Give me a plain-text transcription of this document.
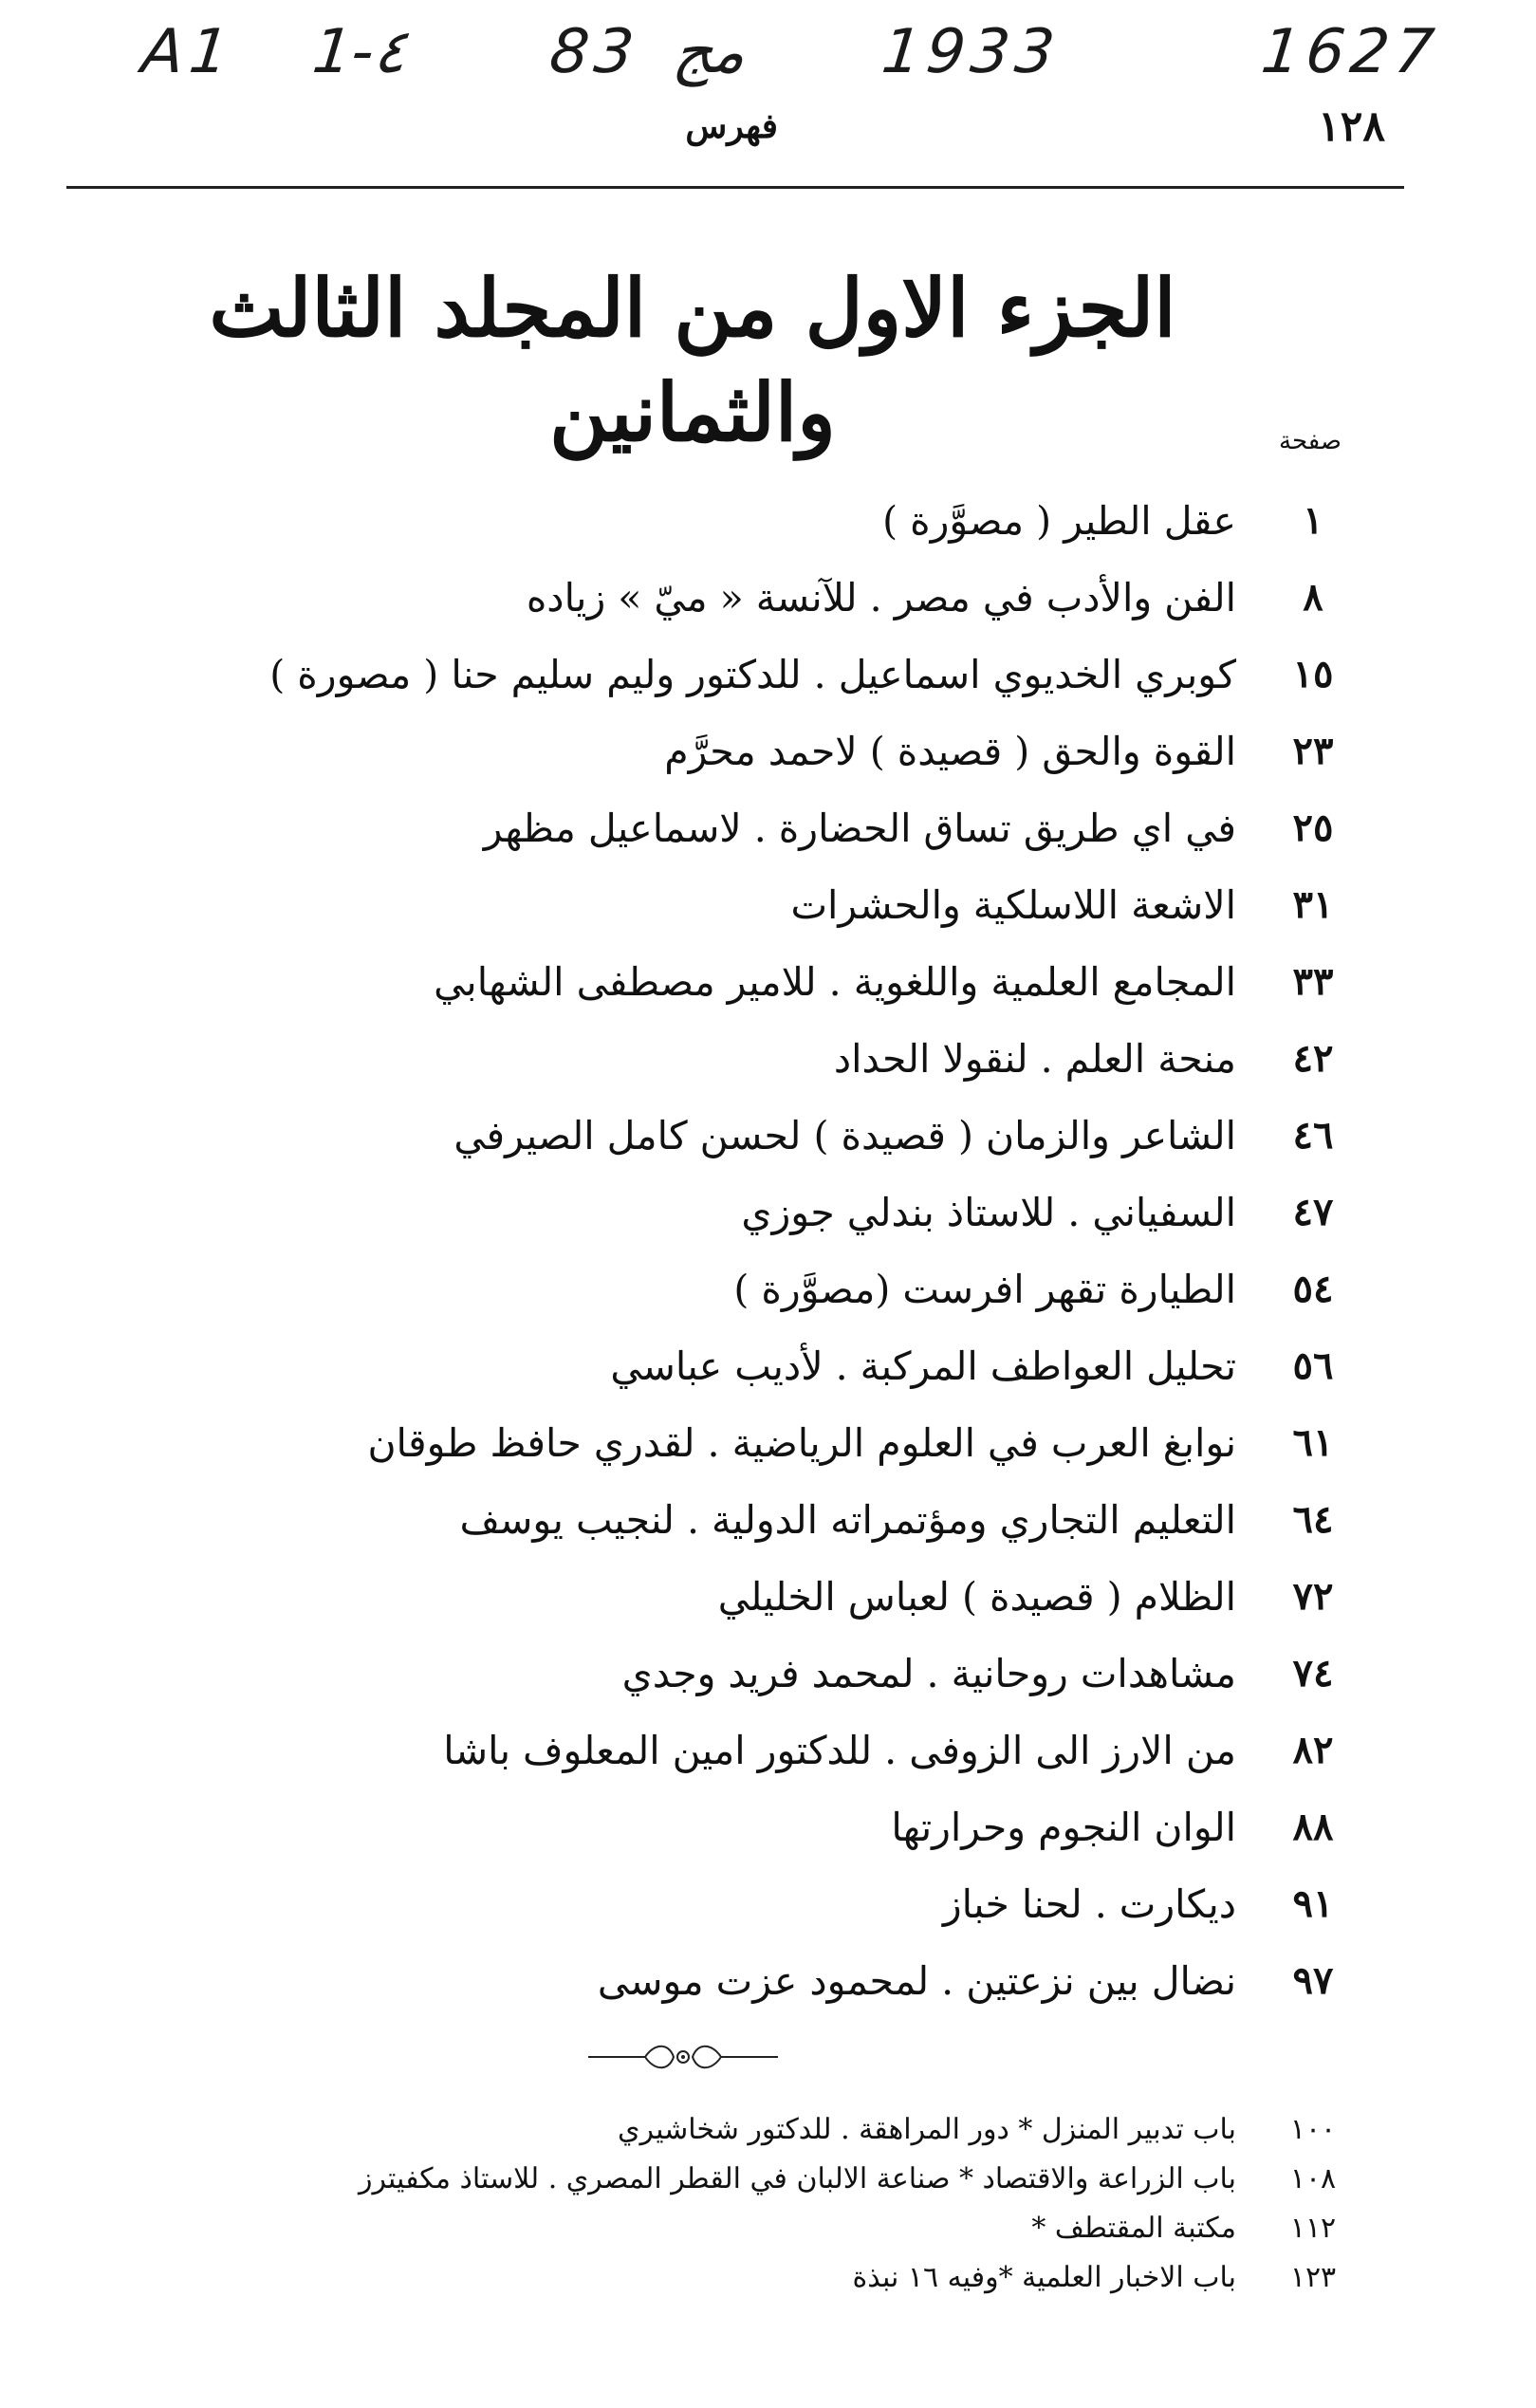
A1 1-٤ 83 مج 1933	1627
١٢٨
فهرس
الجزء الاول من المجلد الثالث والثمانين	صفحة
١
عقل الطير ( مصوَّرة )
٨
الفن والأدب في مصر . للآنسة « ميّ » زياده
١٥
كوبري الخديوي اسماعيل . للدكتور وليم سليم حنا ( مصورة )
٢٣
القوة والحق ( قصيدة ) لاحمد محرَّم
٢٥
في اي طريق تساق الحضارة . لاسماعيل مظهر
٣١
الاشعة اللاسلكية والحشرات
٣٣
المجامع العلمية واللغوية . للامير مصطفى الشهابي
٤٢
منحة العلم . لنقولا الحداد
٤٦
الشاعر والزمان ( قصيدة ) لحسن كامل الصيرفي
٤٧
السفياني . للاستاذ بندلي جوزي
٥٤
الطيارة تقهر افرست (مصوَّرة )
٥٦
تحليل العواطف المركبة . لأديب عباسي
٦١
نوابغ العرب في العلوم الرياضية . لقدري حافظ طوقان
٦٤
التعليم التجاري ومؤتمراته الدولية . لنجيب يوسف
٧٢
الظلام ( قصيدة ) لعباس الخليلي
٧٤
مشاهدات روحانية . لمحمد فريد وجدي
٨٢
من الارز الى الزوفى . للدكتور امين المعلوف باشا
٨٨
الوان النجوم وحرارتها
٩١
ديكارت . لحنا خباز
٩٧
نضال بين نزعتين . لمحمود عزت موسى
١٠٠
باب تدبير المنزل * دور المراهقة . للدكتور شخاشيري
١٠٨
باب الزراعة والاقتصاد * صناعة الالبان في القطر المصري . للاستاذ مكفيترز
١١٢
مكتبة المقتطف *
١٢٣
باب الاخبار العلمية *وفيه ١٦ نبذة
